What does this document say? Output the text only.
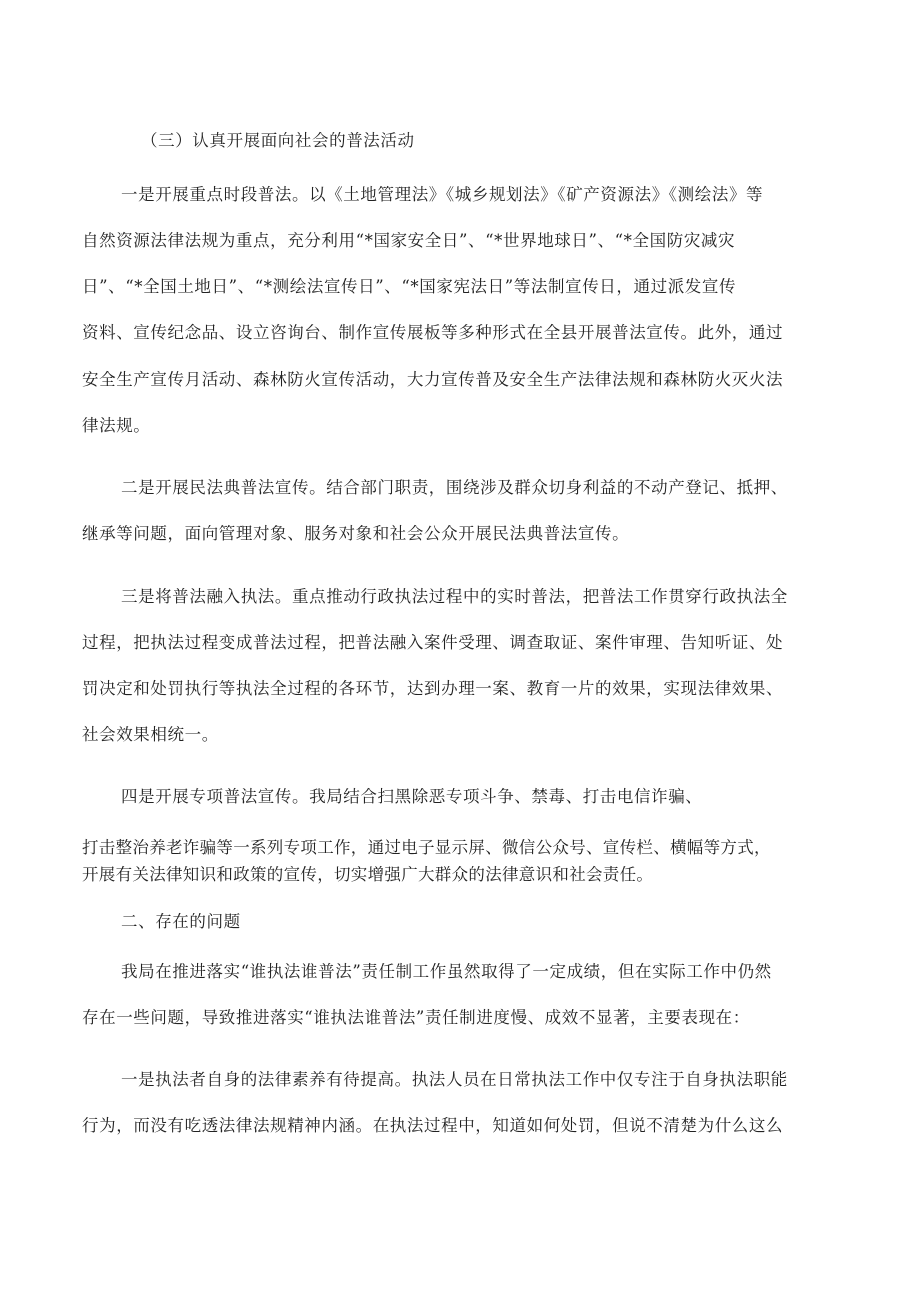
（三）认真开展面向社会的普法活动
一是开展重点时段普法。以《土地管理法》《城乡规划法》《矿产资源法》《测绘法》等
自然资源法律法规为重点，充分利用“*国家安全日”、“*世界地球日”、“*全国防灾减灾
日”、“*全国土地日”、“*测绘法宣传日”、“*国家宪法日”等法制宣传日，通过派发宣传
资料、宣传纪念品、设立咨询台、制作宣传展板等多种形式在全县开展普法宣传。此外，通过
安全生产宣传月活动、森林防火宣传活动，大力宣传普及安全生产法律法规和森林防火灭火法
律法规。
二是开展民法典普法宣传。结合部门职责，围绕涉及群众切身利益的不动产登记、抵押、
继承等问题，面向管理对象、服务对象和社会公众开展民法典普法宣传。
三是将普法融入执法。重点推动行政执法过程中的实时普法，把普法工作贯穿行政执法全
过程，把执法过程变成普法过程，把普法融入案件受理、调查取证、案件审理、告知听证、处
罚决定和处罚执行等执法全过程的各环节，达到办理一案、教育一片的效果，实现法律效果、
社会效果相统一。
四是开展专项普法宣传。我局结合扫黑除恶专项斗争、禁毒、打击电信诈骗、
打击整治养老诈骗等一系列专项工作，通过电子显示屏、微信公众号、宣传栏、横幅等方式，
开展有关法律知识和政策的宣传，切实增强广大群众的法律意识和社会责任。
二、存在的问题
我局在推进落实“谁执法谁普法”责任制工作虽然取得了一定成绩，但在实际工作中仍然
存在一些问题，导致推进落实“谁执法谁普法”责任制进度慢、成效不显著，主要表现在：
一是执法者自身的法律素养有待提高。执法人员在日常执法工作中仅专注于自身执法职能
行为，而没有吃透法律法规精神内涵。在执法过程中，知道如何处罚，但说不清楚为什么这么
